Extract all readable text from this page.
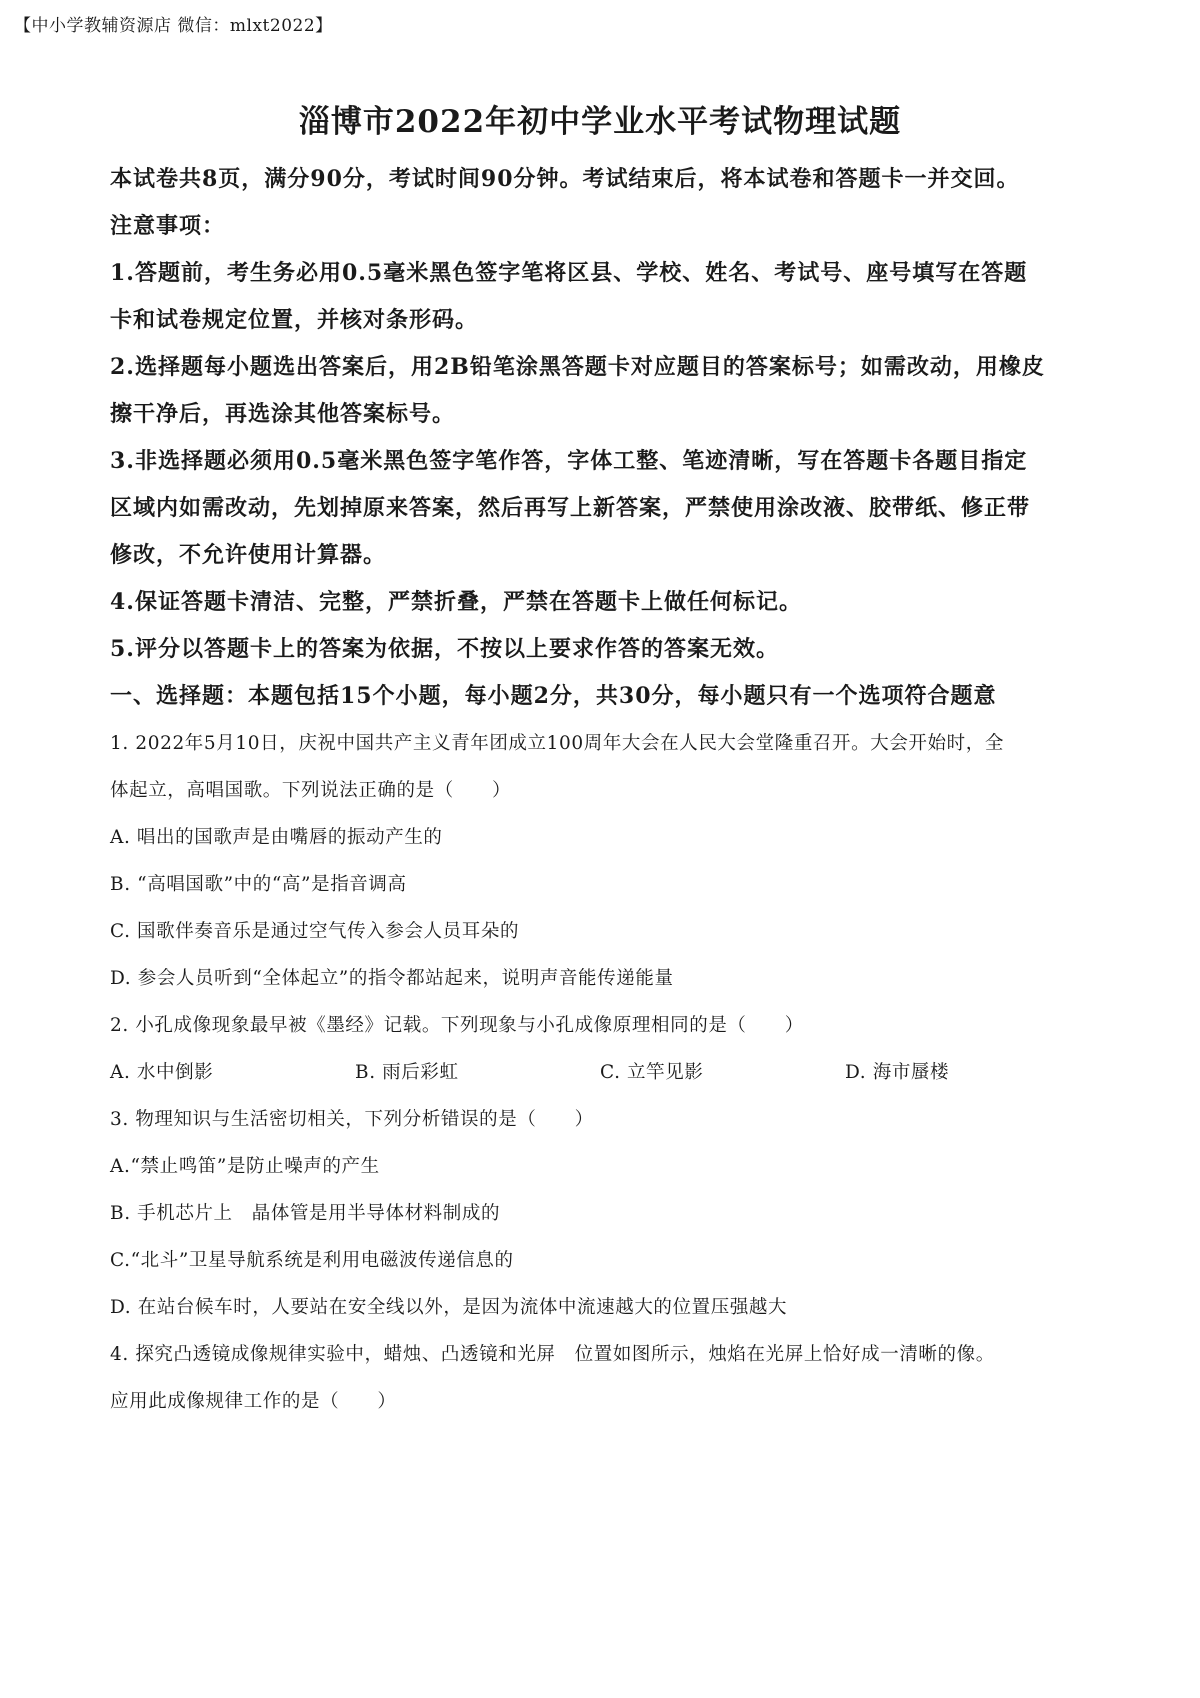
【中小学教辅资源店 微信：mlxt2022】
淄博市2022年初中学业水平考试物理试题

本试卷共8页，满分90分，考试时间90分钟。考试结束后，将本试卷和答题卡一并交回。

注意事项：

1.答题前，考生务必用0.5毫米黑色签字笔将区县、学校、姓名、考试号、座号填写在答题

卡和试卷规定位置，并核对条形码。

2.选择题每小题选出答案后，用2B铅笔涂黑答题卡对应题目的答案标号；如需改动，用橡皮

擦干净后，再选涂其他答案标号。

3.非选择题必须用0.5毫米黑色签字笔作答，字体工整、笔迹清晰，写在答题卡各题目指定

区域内如需改动，先划掉原来答案，然后再写上新答案，严禁使用涂改液、胶带纸、修正带

修改，不允许使用计算器。

4.保证答题卡清洁、完整，严禁折叠，严禁在答题卡上做任何标记。

5.评分以答题卡上的答案为依据，不按以上要求作答的答案无效。

一、选择题：本题包括15个小题，每小题2分，共30分，每小题只有一个选项符合题意

1. 2022年5月10日，庆祝中国共产主义青年团成立100周年大会在人民大会堂隆重召开。大会开始时，全

体起立，高唱国歌。下列说法正确的是（　　）

A. 唱出的国歌声是由嘴唇的振动产生的

B. “高唱国歌”中的“高”是指音调高

C. 国歌伴奏音乐是通过空气传入参会人员耳朵的

D. 参会人员听到“全体起立”的指令都站起来，说明声音能传递能量

2. 小孔成像现象最早被《墨经》记载。下列现象与小孔成像原理相同的是（　　）

A. 水中倒影	B. 雨后彩虹	C. 立竿见影	D. 海市蜃楼

3. 物理知识与生活密切相关，下列分析错误的是（　　）

A.“禁止鸣笛”是防止噪声的产生

B. 手机芯片上　晶体管是用半导体材料制成的

C.“北斗”卫星导航系统是利用电磁波传递信息的

D. 在站台候车时，人要站在安全线以外，是因为流体中流速越大的位置压强越大

4. 探究凸透镜成像规律实验中，蜡烛、凸透镜和光屏　位置如图所示，烛焰在光屏上恰好成一清晰的像。

应用此成像规律工作的是（　　）
